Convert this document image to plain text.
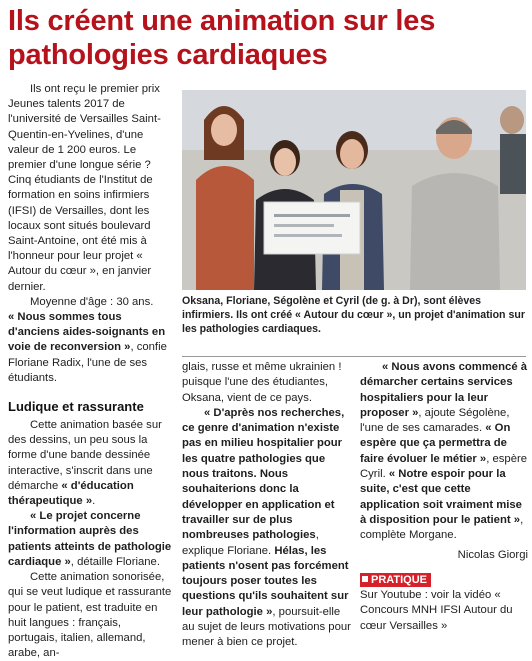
Ils créent une animation sur les pathologies cardiaques

Ils ont reçu le premier prix Jeunes talents 2017 de l'université de Versailles Saint-Quentin-en-Yvelines, d'une valeur de 1 200 euros. Le premier d'une longue série ? Cinq étudiants de l'Institut de formation en soins infirmiers (IFSI) de Versailles, dont les locaux sont situés boulevard Saint-Antoine, ont été mis à l'honneur pour leur projet « Autour du cœur », en janvier dernier.

Moyenne d'âge : 30 ans.

« Nous sommes tous d'anciens aides-soignants en voie de reconversion », confie Floriane Radix, l'une de ses étudiants.

Ludique et rassurante

Cette animation basée sur des dessins, un peu sous la forme d'une bande dessinée interactive, s'inscrit dans une démarche « d'éducation thérapeutique ».

« Le projet concerne l'information auprès des patients atteints de pathologie cardiaque », détaille Floriane.

Cette animation sonorisée, qui se veut ludique et rassurante pour le patient, est traduite en huit langues : français, portugais, italien, allemand, arabe, an-

Oksana, Floriane, Ségolène et Cyril (de g. à Dr), sont élèves infirmiers. Ils ont créé « Autour du cœur », un projet d'animation sur les pathologies cardiaques.

glais, russe et même ukrainien ! puisque l'une des étudiantes, Oksana, vient de ce pays.

« D'après nos recherches, ce genre d'animation n'existe pas en milieu hospitalier pour les quatre pathologies que nous traitons. Nous souhaiterions donc la développer en application et travailler sur de plus nombreuses pathologies, explique Floriane. Hélas, les patients n'osent pas forcément toujours poser toutes les questions qu'ils souhaitent sur leur pathologie », poursuit-elle au sujet de leurs motivations pour mener à bien ce projet.

« Nous avons commencé à démarcher certains services hospitaliers pour la leur proposer », ajoute Ségolène, l'une de ses camarades. « On espère que ça permettra de faire évoluer le métier », espère Cyril. « Notre espoir pour la suite, c'est que cette application soit vraiment mise à disposition pour le patient », complète Morgane.

Nicolas Giorgi

PRATIQUE

Sur Youtube : voir la vidéo « Concours MNH IFSI Autour du cœur Versailles »
